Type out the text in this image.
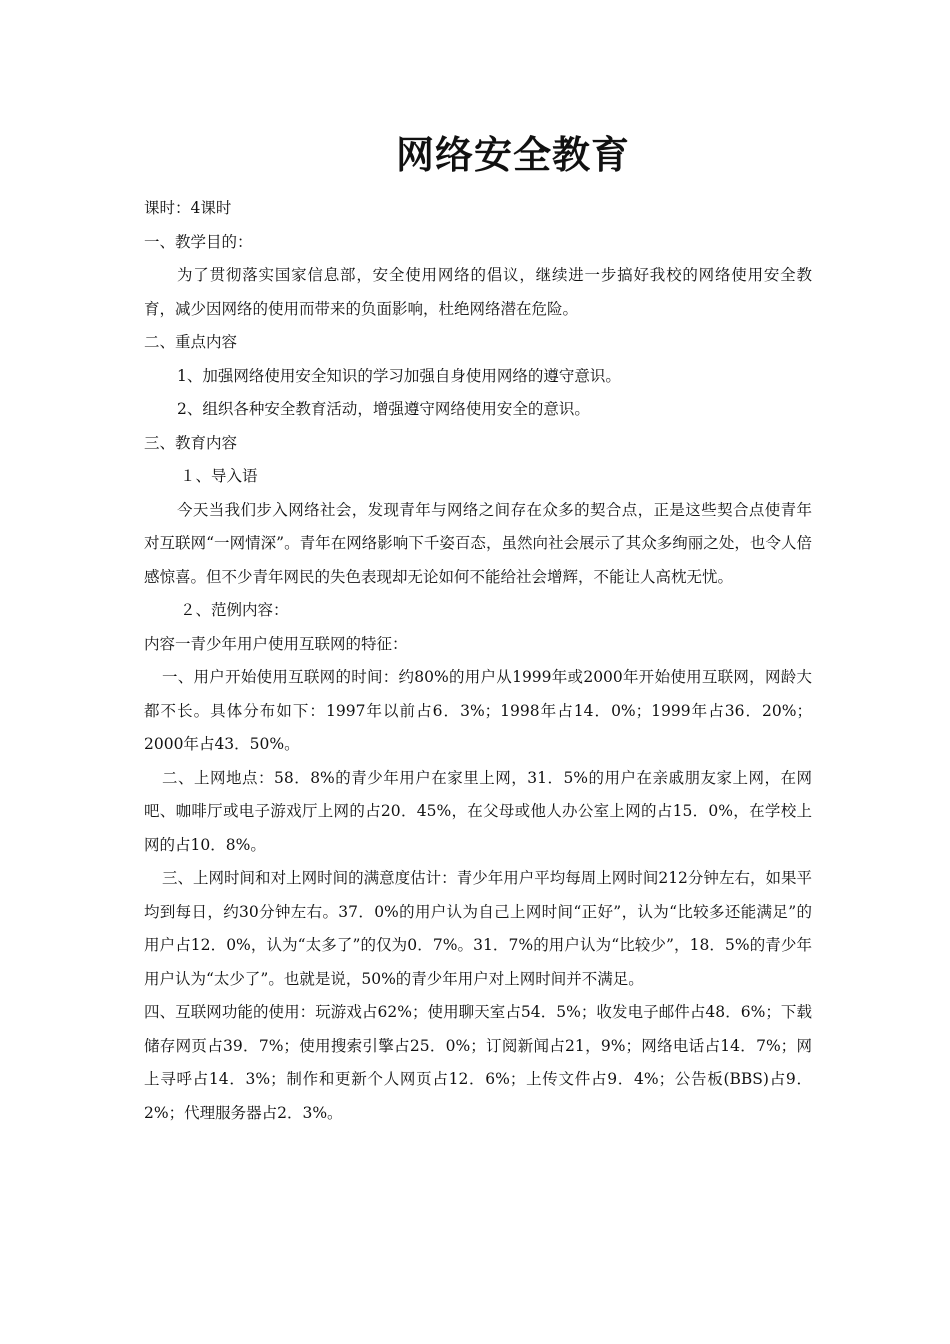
网络安全教育

课时：4课时

一、教学目的：

为了贯彻落实国家信息部，安全使用网络的倡议，继续进一步搞好我校的网络使用安全教育，减少因网络的使用而带来的负面影响，杜绝网络潜在危险。

二、重点内容

1、加强网络使用安全知识的学习加强自身使用网络的遵守意识。

2、组织各种安全教育活动，增强遵守网络使用安全的意识。

三、教育内容

１、导入语

今天当我们步入网络社会，发现青年与网络之间存在众多的契合点，正是这些契合点使青年对互联网“一网情深”。青年在网络影响下千姿百态，虽然向社会展示了其众多绚丽之处，也令人倍感惊喜。但不少青年网民的失色表现却无论如何不能给社会增辉，不能让人高枕无忧。

２、范例内容：

内容一青少年用户使用互联网的特征：

一、用户开始使用互联网的时间：约80%的用户从1999年或2000年开始使用互联网，网龄大都不长。具体分布如下：1997年以前占6．3%；1998年占14．0%；1999年占36．20%；2000年占43．50%。

二、上网地点：58．8%的青少年用户在家里上网，31．5%的用户在亲戚朋友家上网，在网吧、咖啡厅或电子游戏厅上网的占20．45%，在父母或他人办公室上网的占15．0%，在学校上网的占10．8%。

三、上网时间和对上网时间的满意度估计：青少年用户平均每周上网时间212分钟左右，如果平均到每日，约30分钟左右。37．0%的用户认为自己上网时间“正好”，认为“比较多还能满足”的用户占12．0%，认为“太多了”的仅为0．7%。31．7%的用户认为“比较少”，18．5%的青少年用户认为“太少了”。也就是说，50%的青少年用户对上网时间并不满足。

四、互联网功能的使用：玩游戏占62%；使用聊天室占54．5%；收发电子邮件占48．6%；下载储存网页占39．7%；使用搜索引擎占25．0%；订阅新闻占21，9%；网络电话占14．7%；网上寻呼占14．3%；制作和更新个人网页占12．6%；上传文件占9．4%；公告板(BBS)占9．2%；代理服务器占2．3%。
